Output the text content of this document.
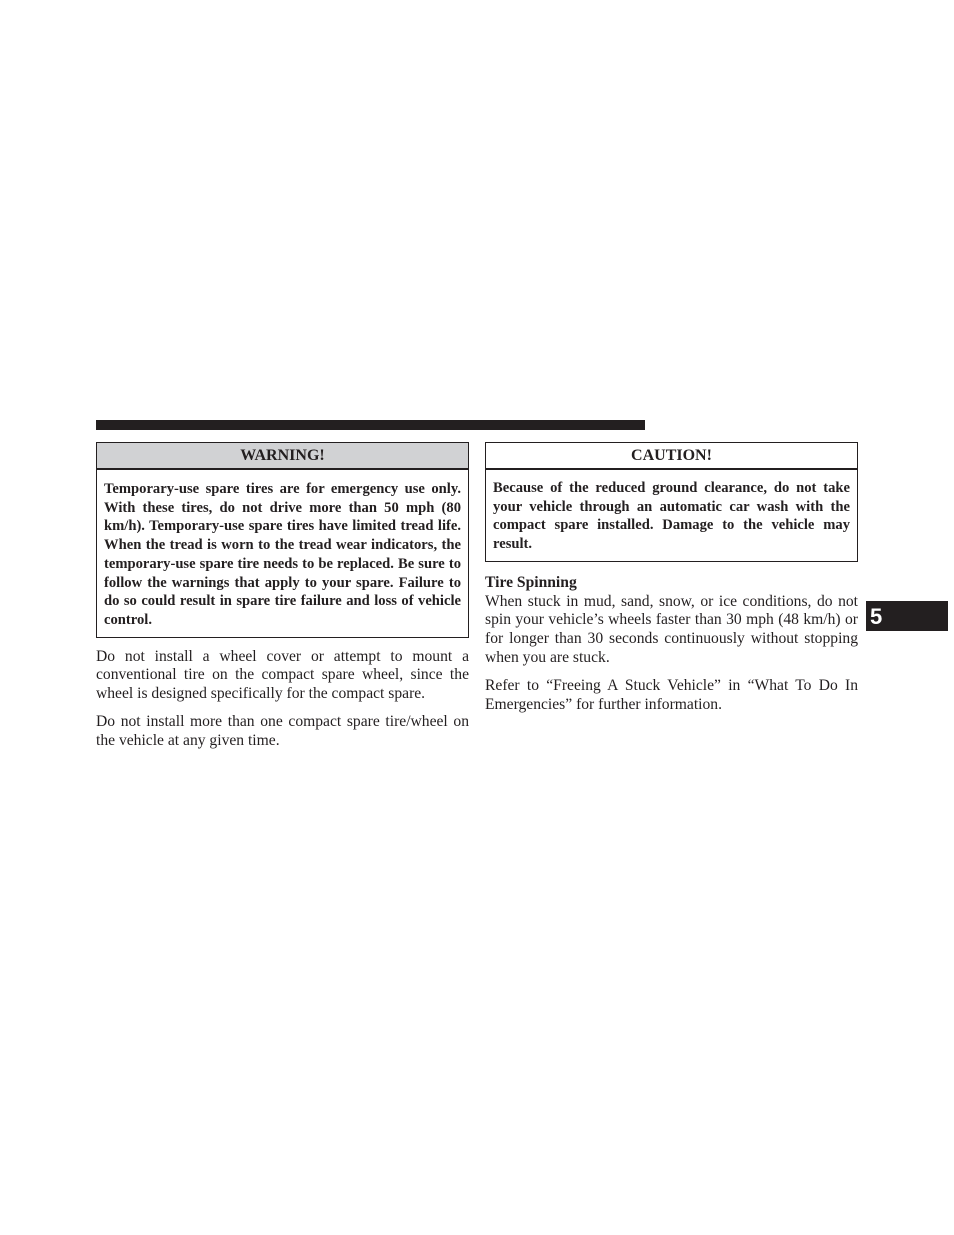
WARNING!
Temporary-use spare tires are for emergency use only. With these tires, do not drive more than 50 mph (80 km/h). Temporary-use spare tires have limited tread life. When the tread is worn to the tread wear indicators, the temporary-use spare tire needs to be replaced. Be sure to follow the warnings that apply to your spare. Failure to do so could result in spare tire failure and loss of vehicle control.

Do not install a wheel cover or attempt to mount a conventional tire on the compact spare wheel, since the wheel is designed specifically for the compact spare.

Do not install more than one compact spare tire/wheel on the vehicle at any given time.

CAUTION!
Because of the reduced ground clearance, do not take your vehicle through an automatic car wash with the compact spare installed. Damage to the vehicle may result.
Tire Spinning

When stuck in mud, sand, snow, or ice conditions, do not spin your vehicle’s wheels faster than 30 mph (48 km/h) or for longer than 30 seconds continuously without stopping when you are stuck.

Refer to “Freeing A Stuck Vehicle” in “What To Do In Emergencies” for further information.

5
